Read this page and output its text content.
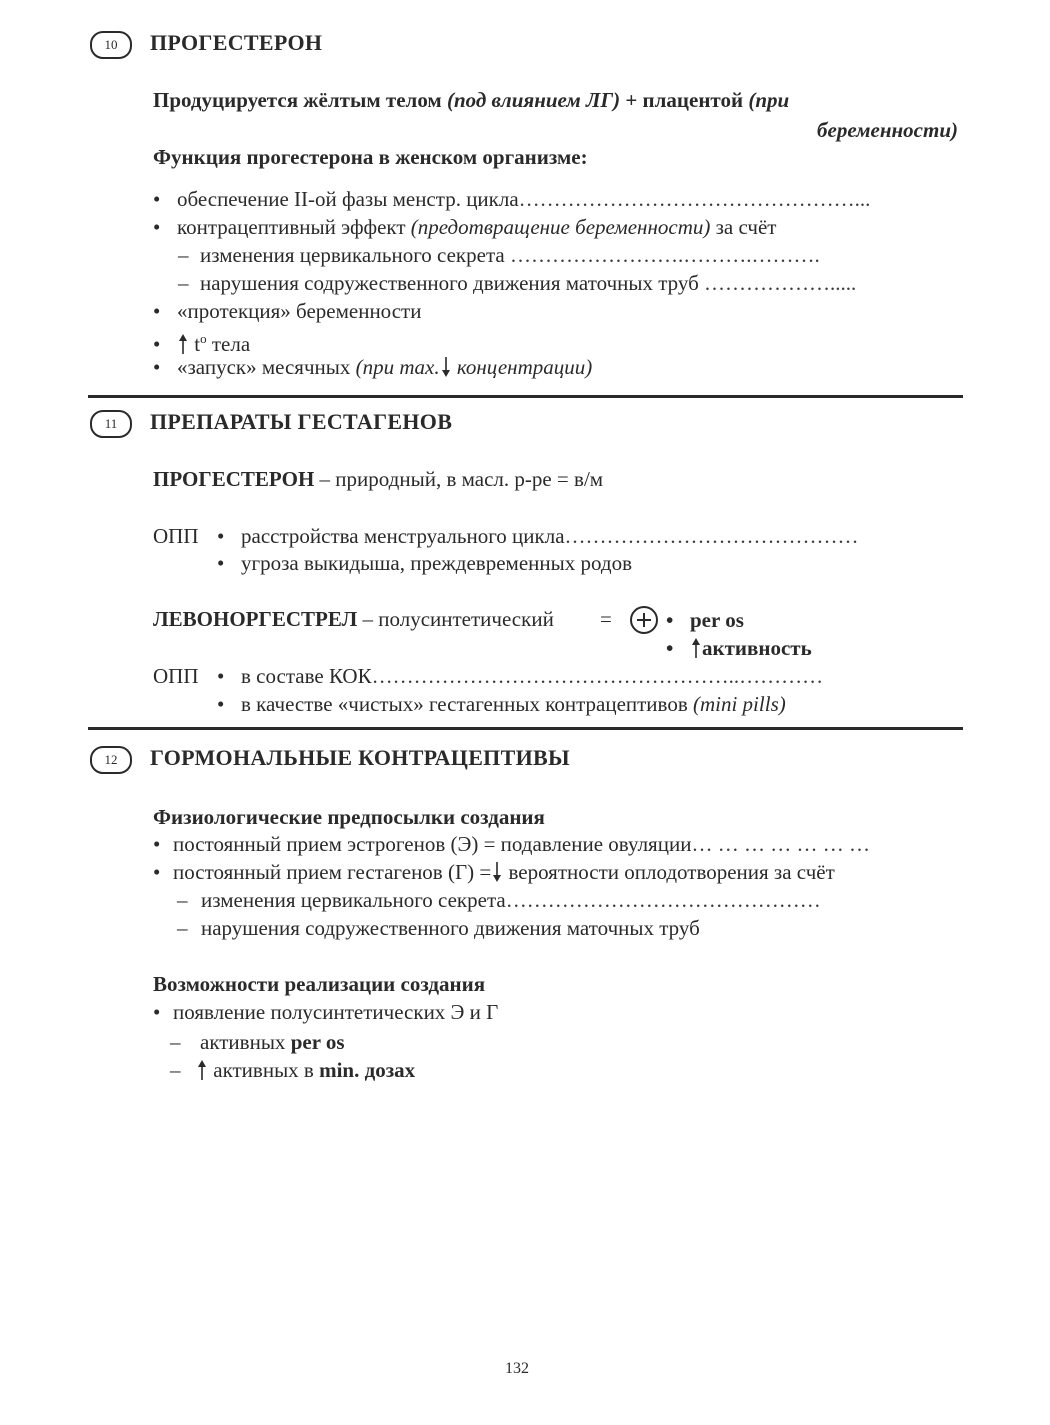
10	ПРОГЕСТЕРОН
Продуцируется жёлтым телом (под влиянием ЛГ) + плацентой (при
беременности)
Функция прогестерона в женском организме:
• обеспечение II-ой фазы менстр. цикла…………………………………………...
• контрацептивный эффект (предотвращение беременности) за счёт
– изменения цервикального секрета …………………….……….……….
– нарушения содружественного движения маточных труб ……………….....
• «протекция» беременности
• $t^o$ тела
• «запуск» месячных (при max. концентрации)
11	ПРЕПАРАТЫ ГЕСТАГЕНОВ
ПРОГЕСТЕРОН – природный, в масл. р-ре = в/м
ОПП • расстройства менструального цикла……………………………………
• угроза выкидыша, преждевременных родов
ЛЕВОНОРГЕСТРЕЛ – полусинтетический =	• per os
• активность
ОПП • в составе КОК……………………………………………..…………
• в качестве «чистых» гестагенных контрацептивов (mini pills)
12	ГОРМОНАЛЬНЫЕ КОНТРАЦЕПТИВЫ
Физиологические предпосылки создания
• постоянный прием эстрогенов (Э) = подавление овуляции… … … … … … …
• постоянный прием гестагенов (Г) =
вероятности оплодотворения за счёт
– изменения цервикального секрета………………………………………
– нарушения содружественного движения маточных труб
Возможности реализации создания
• появление полусинтетических Э и Г
– активных per os
–
активных в min. дозах
132
